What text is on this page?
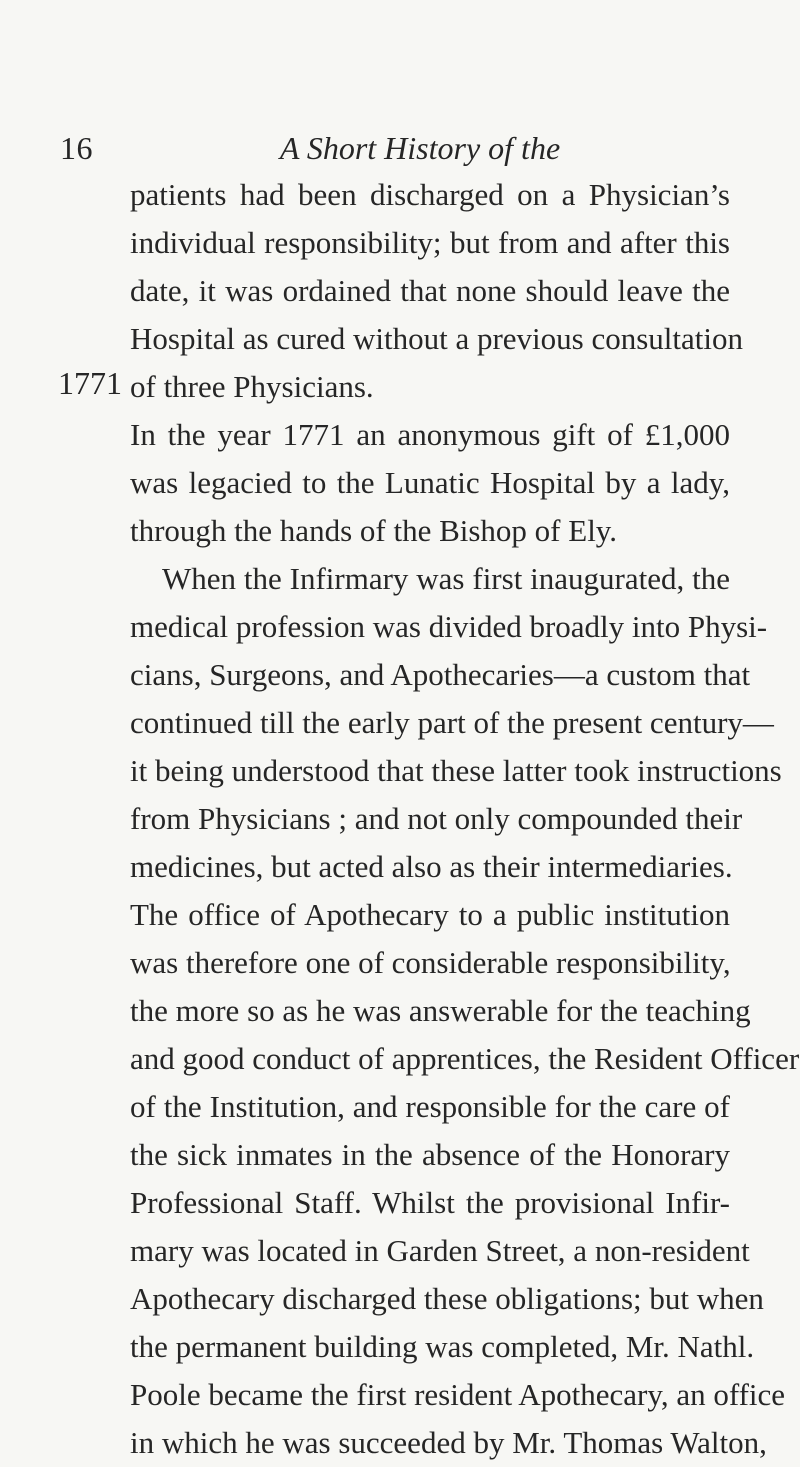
16	A Short History of the
1771
patients had been discharged on a Physician’s
individual responsibility; but from and after this
date, it was ordained that none should leave the
Hospital as cured without a previous consultation
of three Physicians.
In the year 1771 an anonymous gift of £1,000
was legacied to the Lunatic Hospital by a lady,
through the hands of the Bishop of Ely.
When the Infirmary was first inaugurated, the
medical profession was divided broadly into Physi-
cians, Surgeons, and Apothecaries—a custom that
continued till the early part of the present century—
it being understood that these latter took instructions
from Physicians ; and not only compounded their
medicines, but acted also as their intermediaries.
The office of Apothecary to a public institution
was therefore one of considerable responsibility,
the more so as he was answerable for the teaching
and good conduct of apprentices, the Resident Officer
of the Institution, and responsible for the care of
the sick inmates in the absence of the Honorary
Professional Staff. Whilst the provisional Infir-
mary was located in Garden Street, a non-resident
Apothecary discharged these obligations; but when
the permanent building was completed, Mr. Nathl.
Poole became the first resident Apothecary, an office
in which he was succeeded by Mr. Thomas Walton,
